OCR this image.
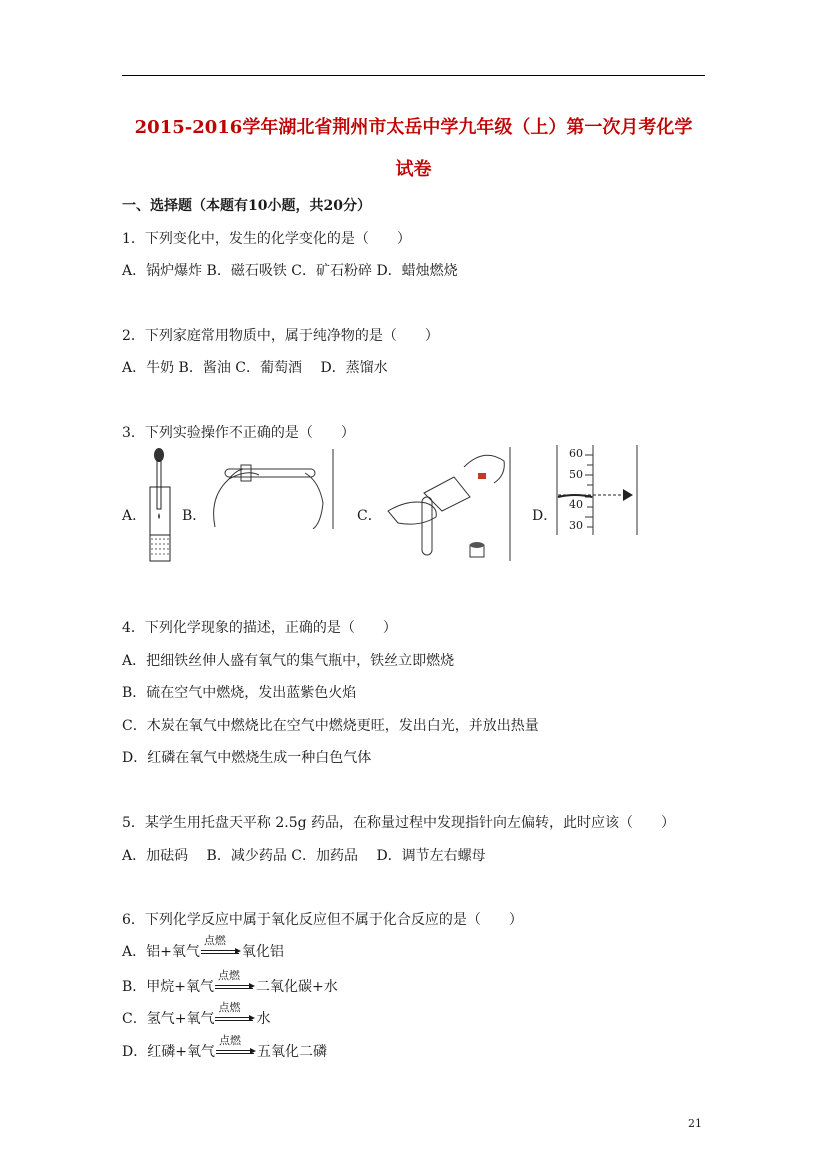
2015-2016学年湖北省荆州市太岳中学九年级（上）第一次月考化学
试卷
一、选择题（本题有10小题，共20分）
1．下列变化中，发生的化学变化的是（　　）
A．锅炉爆炸 B．磁石吸铁 C．矿石粉碎 D．蜡烛燃烧
2．下列家庭常用物质中，属于纯净物的是（　　）
A．牛奶 B．酱油 C．葡萄酒　 D．蒸馏水
3．下列实验操作不正确的是（　　）
A．	B．	C．	D．
60
50
40
30
4．下列化学现象的描述，正确的是（　　）
A．把细铁丝伸人盛有氧气的集气瓶中，铁丝立即燃烧
B．硫在空气中燃烧，发出蓝紫色火焰
C．木炭在氧气中燃烧比在空气中燃烧更旺，发出白光，并放出热量
D．红磷在氧气中燃烧生成一种白色气体
5．某学生用托盘天平称 2.5g 药品，在称量过程中发现指针向左偏转，此时应该（　　）
A．加砝码　 B．减少药品 C．加药品　 D．调节左右螺母
6．下列化学反应中属于氧化反应但不属于化合反应的是（　　）
A．铝+氧气
点燃
氧化铝
B．甲烷+氧气
点燃
二氧化碳+水
C．氢气+氧气
点燃
水
D．红磷+氧气
点燃
五氧化二磷
21
